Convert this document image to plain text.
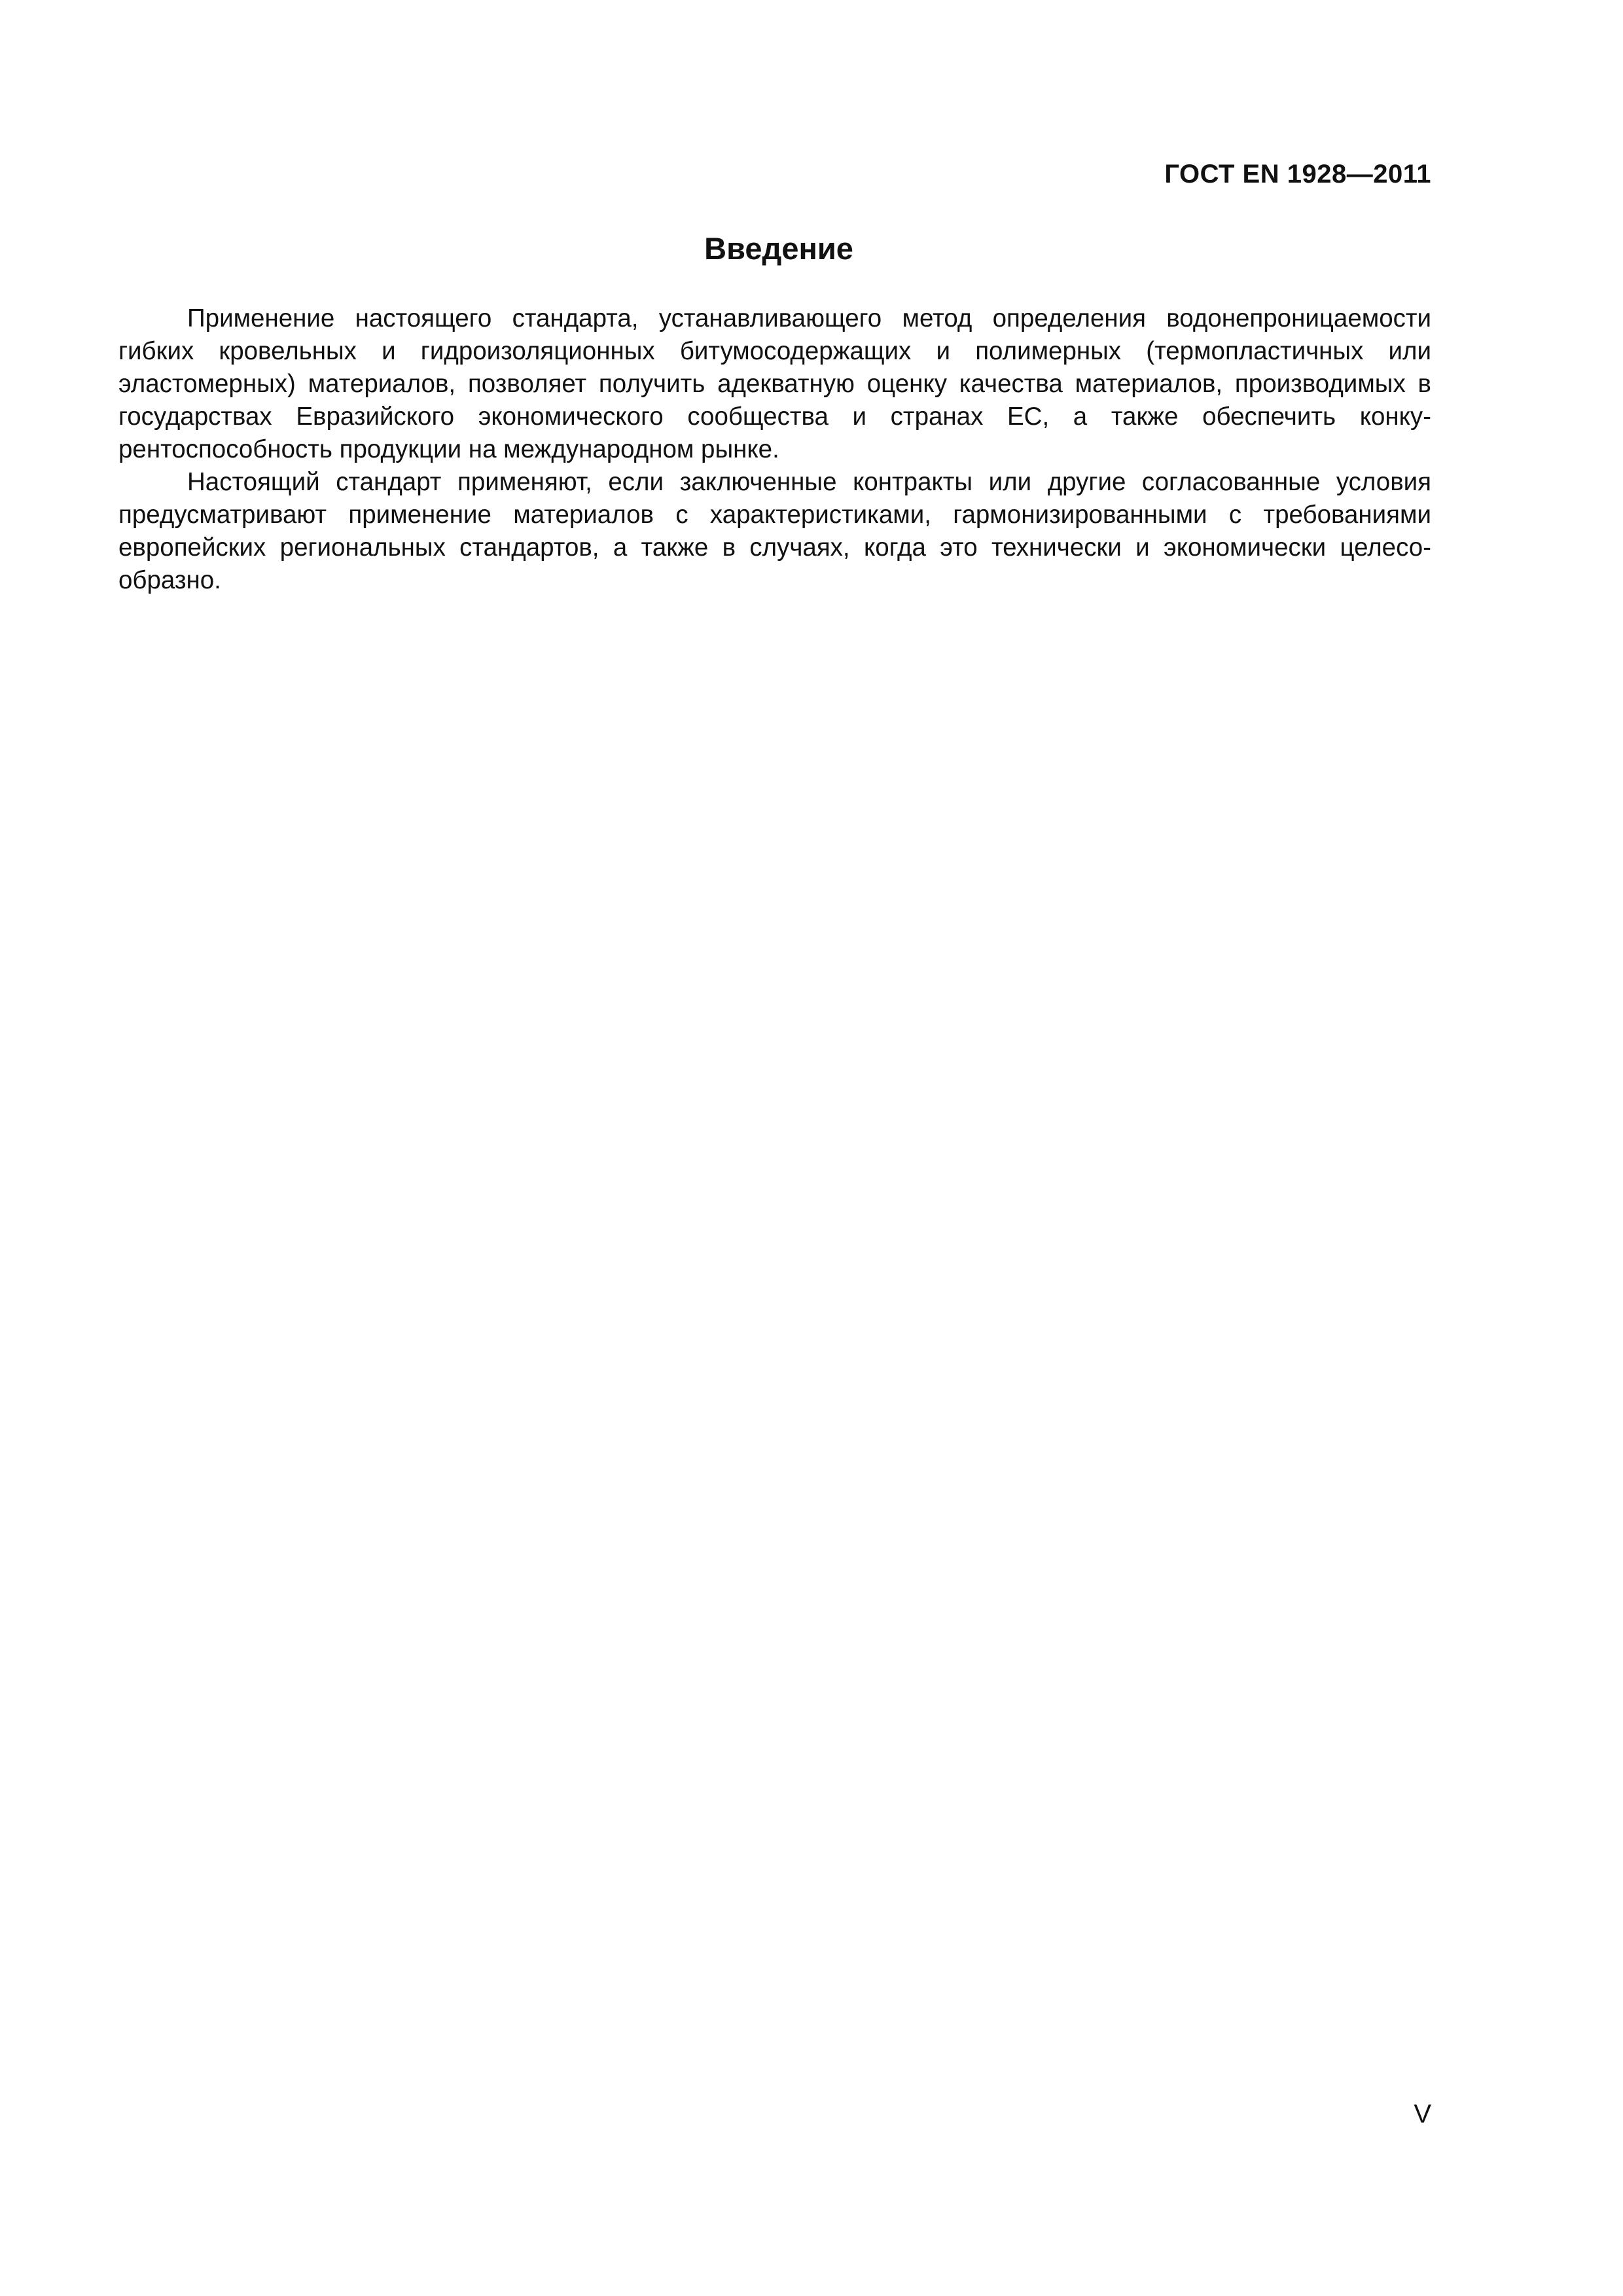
ГОСТ EN 1928—2011
Введение

Применение настоящего стандарта, устанавливающего метод определения водонепроницаемости гибких кровельных и гидроизоляционных битумосодержащих и полимерных (термопластичных или эластомерных) материалов, позволяет получить адекватную оценку качества материалов, производимых в государствах Евразийского экономического сообщества и странах ЕС, а также обеспечить конкурентоспособность продукции на международном рынке.

Настоящий стандарт применяют, если заключенные контракты или другие согласованные условия предусматривают применение материалов с характеристиками, гармонизированными с требованиями европейских региональных стандартов, а также в случаях, когда это технически и экономически целесообразно.

V
